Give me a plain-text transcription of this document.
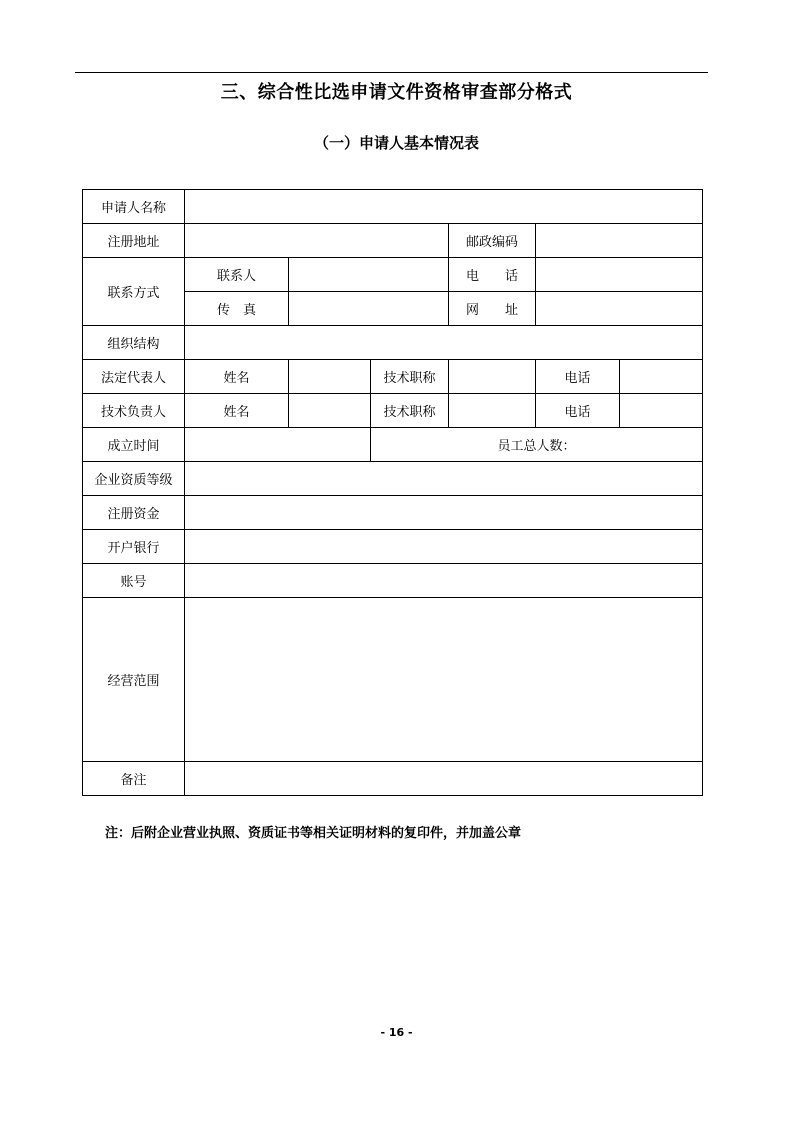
三、综合性比选申请文件资格审查部分格式
（一）申请人基本情况表
申请人名称						
注册地址				邮政编码		
联系方式	联系人			电　　话		
	传　真			网　　址		
组织结构						
法定代表人	姓名		技术职称		电话	
技术负责人	姓名		技术职称		电话	
成立时间			员工总人数：			
企业资质等级						
注册资金						
开户银行						
账号						
经营范围						
备注						
注：后附企业营业执照、资质证书等相关证明材料的复印件，并加盖公章
- 16 -
